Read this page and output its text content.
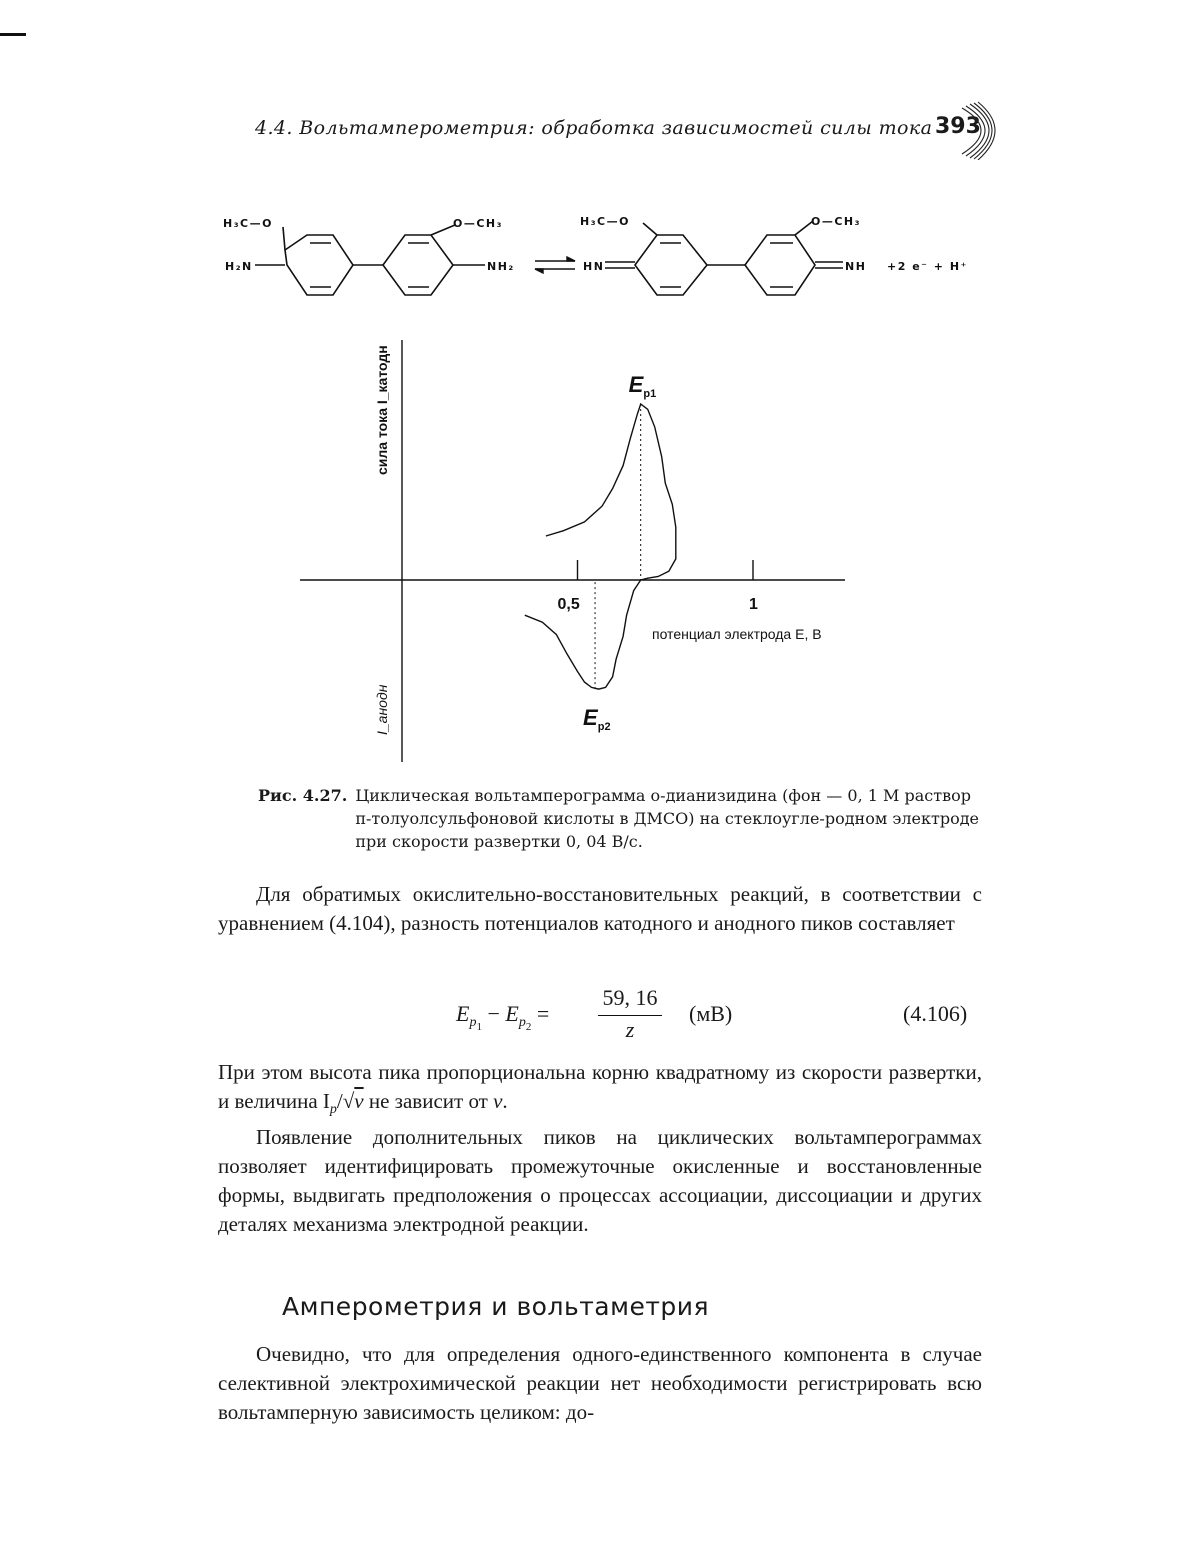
4.4. Вольтамперометрия: обработка зависимостей силы тока 393
H₃C—O	O—CH₃
H₂N	NH₂
H₃C—O	O—CH₃
HN	NH +2 e⁻ + H⁺
0,5	1
$E_{p1}$
$E_{p2}$
потенциал электрода E, В
сила тока I_катодн
I_анодн
Рис. 4.27. Циклическая вольтамперограмма о-дианизидина (фон — 0, 1 М раствор п-толуолсульфоновой кислоты в ДМСО) на стеклоугле-родном электроде при скорости развертки 0, 04 В/с.
Для обратимых окислительно-восстановительных реакций, в соответствии с уравнением (4.104), разность потенциалов катодного и анодного пиков составляет
$E_{p_1} - E_{p_2}$ =
59, 16
z
(мВ)	(4.106)
При этом высота пика пропорциональна корню квадратному из скорости развертки, и величина $I_p/√v$ не зависит от v.
Появление дополнительных пиков на циклических вольтамперограммах позволяет идентифицировать промежуточные окисленные и восстановленные формы, выдвигать предположения о процессах ассоциации, диссоциации и других деталях механизма электродной реакции.
Амперометрия и вольтаметрия
Очевидно, что для определения одного-единственного компонента в случае селективной электрохимической реакции нет необходимости регистрировать всю вольтамперную зависимость целиком: до-
